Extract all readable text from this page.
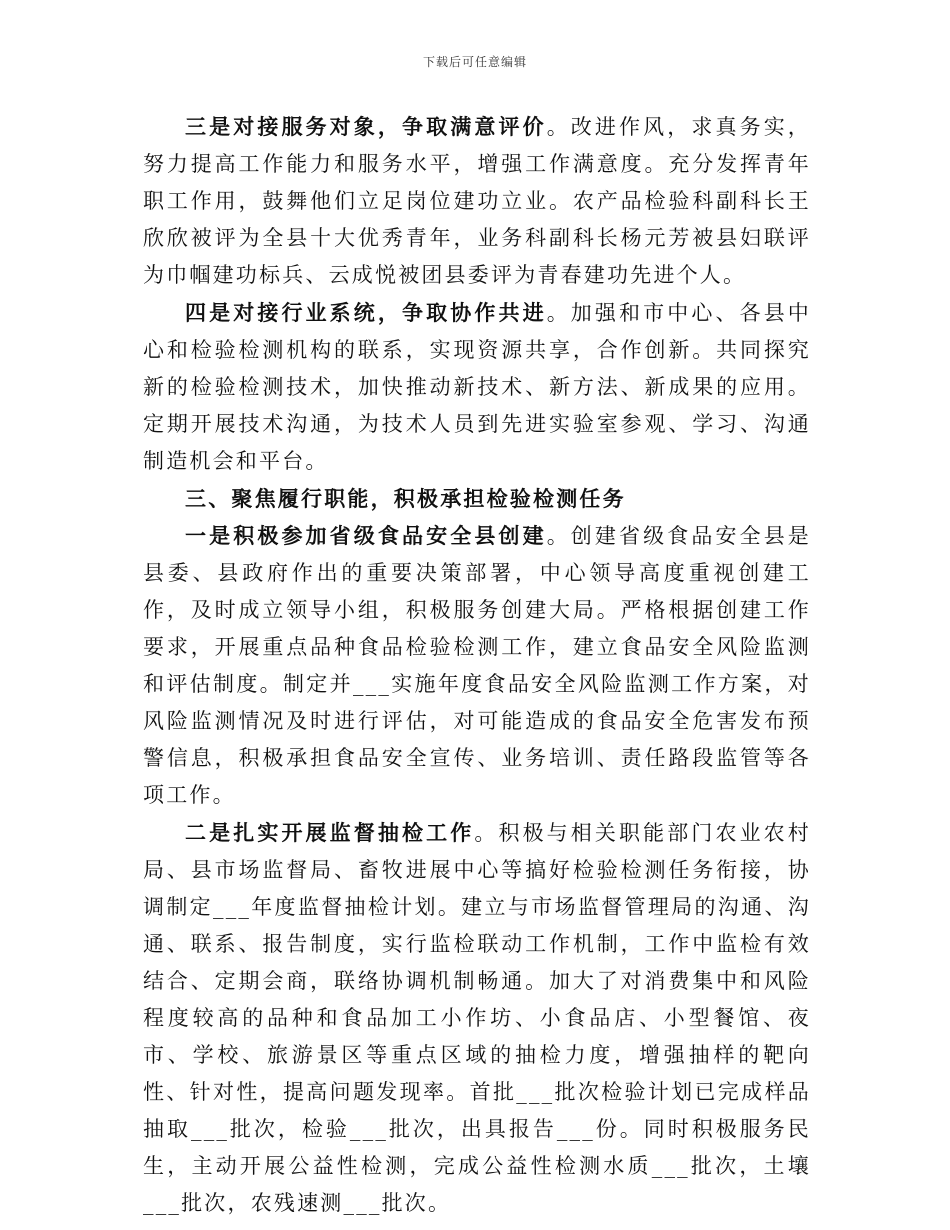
下载后可任意编辑

三是对接服务对象，争取满意评价。改进作风，求真务实，努力提高工作能力和服务水平，增强工作满意度。充分发挥青年职工作用，鼓舞他们立足岗位建功立业。农产品检验科副科长王欣欣被评为全县十大优秀青年，业务科副科长杨元芳被县妇联评为巾帼建功标兵、云成悦被团县委评为青春建功先进个人。

四是对接行业系统，争取协作共进。加强和市中心、各县中心和检验检测机构的联系，实现资源共享，合作创新。共同探究新的检验检测技术，加快推动新技术、新方法、新成果的应用。定期开展技术沟通，为技术人员到先进实验室参观、学习、沟通制造机会和平台。

三、聚焦履行职能，积极承担检验检测任务

一是积极参加省级食品安全县创建。创建省级食品安全县是县委、县政府作出的重要决策部署，中心领导高度重视创建工作，及时成立领导小组，积极服务创建大局。严格根据创建工作要求，开展重点品种食品检验检测工作，建立食品安全风险监测和评估制度。制定并___实施年度食品安全风险监测工作方案，对风险监测情况及时进行评估，对可能造成的食品安全危害发布预警信息，积极承担食品安全宣传、业务培训、责任路段监管等各项工作。

二是扎实开展监督抽检工作。积极与相关职能部门农业农村局、县市场监督局、畜牧进展中心等搞好检验检测任务衔接，协调制定___年度监督抽检计划。建立与市场监督管理局的沟通、沟通、联系、报告制度，实行监检联动工作机制，工作中监检有效结合、定期会商，联络协调机制畅通。加大了对消费集中和风险程度较高的品种和食品加工小作坊、小食品店、小型餐馆、夜市、学校、旅游景区等重点区域的抽检力度，增强抽样的靶向性、针对性，提高问题发现率。首批___批次检验计划已完成样品抽取___批次，检验___批次，出具报告___份。同时积极服务民生，主动开展公益性检测，完成公益性检测水质___批次，土壤___批次，农残速测___批次。
